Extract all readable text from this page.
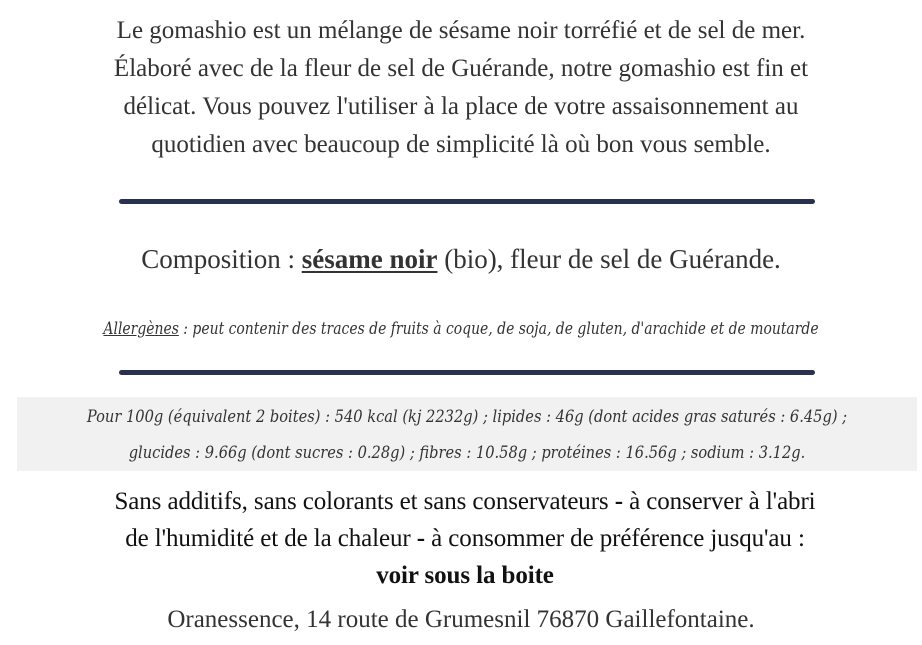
Le gomashio est un mélange de sésame noir torréfié et de sel de mer.
Élaboré avec de la fleur de sel de Guérande, notre gomashio est fin et
délicat. Vous pouvez l'utiliser à la place de votre assaisonnement au
quotidien avec beaucoup de simplicité là où bon vous semble.
Composition : sésame noir (bio), fleur de sel de Guérande.
Allergènes : peut contenir des traces de fruits à coque, de soja, de gluten, d'arachide et de moutarde
Pour 100g (équivalent 2 boites) : 540 kcal (kj 2232g) ; lipides : 46g (dont acides gras saturés : 6.45g) ;
glucides : 9.66g (dont sucres : 0.28g) ; fibres : 10.58g ; protéines : 16.56g ; sodium : 3.12g.
Sans additifs, sans colorants et sans conservateurs - à conserver à l'abri
de l'humidité et de la chaleur - à consommer de préférence jusqu'au :
voir sous la boite
Oranessence, 14 route de Grumesnil 76870 Gaillefontaine.
